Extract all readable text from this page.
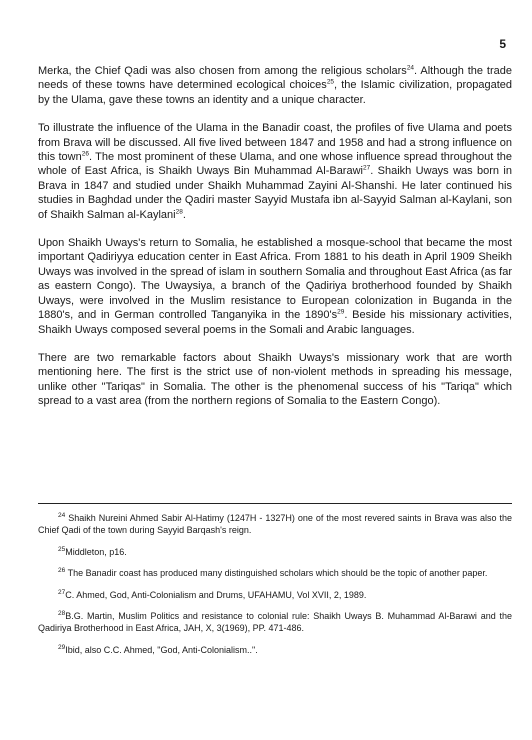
5

Merka, the Chief Qadi was also chosen from among the religious scholars$^{24}$. Although the trade needs of these towns have determined ecological choices$^{25}$, the Islamic civilization, propagated by the Ulama, gave these towns an identity and a unique character.

To illustrate the influence of the Ulama in the Banadir coast, the profiles of five Ulama and poets from Brava will be discussed. All five lived between 1847 and 1958 and had a strong influence on this town$^{26}$. The most prominent of these Ulama, and one whose influence spread throughout the whole of East Africa, is Shaikh Uways Bin Muhammad Al-Barawi$^{27}$. Shaikh Uways was born in Brava in 1847 and studied under Shaikh Muhammad Zayini Al-Shanshi. He later continued his studies in Baghdad under the Qadiri master Sayyid Mustafa ibn al-Sayyid Salman al-Kaylani, son of Shaikh Salman al-Kaylani$^{28}$.

Upon Shaikh Uways's return to Somalia, he established a mosque-school that became the most important Qadiriyya education center in East Africa. From 1881 to his death in April 1909 Sheikh Uways was involved in the spread of islam in southern Somalia and throughout East Africa (as far as eastern Congo). The Uwaysiya, a branch of the Qadiriya brotherhood founded by Shaikh Uways, were involved in the Muslim resistance to European colonization in Buganda in the 1880's, and in German controlled Tanganyika in the $1890's^{29}$. Beside his missionary activities, Shaikh Uways composed several poems in the Somali and Arabic languages.

There are two remarkable factors about Shaikh Uways's missionary work that are worth mentioning here. The first is the strict use of non-violent methods in spreading his message, unlike other "Tariqas" in Somalia. The other is the phenomenal success of his "Tariqa" which spread to a vast area (from the northern regions of Somalia to the Eastern Congo).

$^{24}$ Shaikh Nureini Ahmed Sabir Al-Hatimy (1247H - 1327H) one of the most revered saints in Brava was also the Chief Qadi of the town during Sayyid Barqash's reign.
$^{25}$Middleton, p16.
$^{26}$ The Banadir coast has produced many distinguished scholars which should be the topic of another paper.
$^{27}$C. Ahmed, God, Anti-Colonialism and Drums, UFAHAMU, Vol XVII, 2, 1989.
$^{28}$B.G. Martin, Muslim Politics and resistance to colonial rule: Shaikh Uways B. Muhammad Al-Barawi and the Qadiriya Brotherhood in East Africa, JAH, X, 3(1969), PP. 471-486.
$^{29}$Ibid, also C.C. Ahmed, "God, Anti-Colonialism..".
